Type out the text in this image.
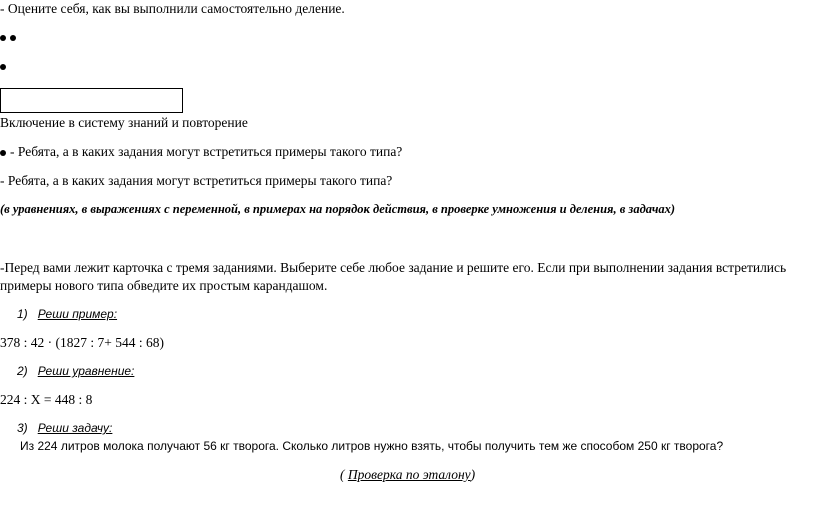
- Оцените себя, как вы выполнили самостоятельно деление.
Включение в систему знаний и повторение
- Ребята, а в каких задания могут встретиться примеры такого типа?
- Ребята, а в каких задания могут встретиться примеры такого типа?
(в уравнениях, в выражениях с переменной, в примерах на порядок действия, в проверке умножения и деления, в задачах)
-Перед вами лежит карточка с тремя заданиями. Выберите себе любое задание и решите его. Если при выполнении задания встретились примеры нового типа обведите их простым карандашом.
1) Реши пример:
378 : 42 · (1827 : 7+ 544 : 68)
2) Реши уравнение:
224 : Х = 448 : 8
3) Реши задачу:
Из 224 литров молока получают 56 кг творога. Сколько литров нужно взять, чтобы получить тем же способом 250 кг творога?
( Проверка по эталону)
